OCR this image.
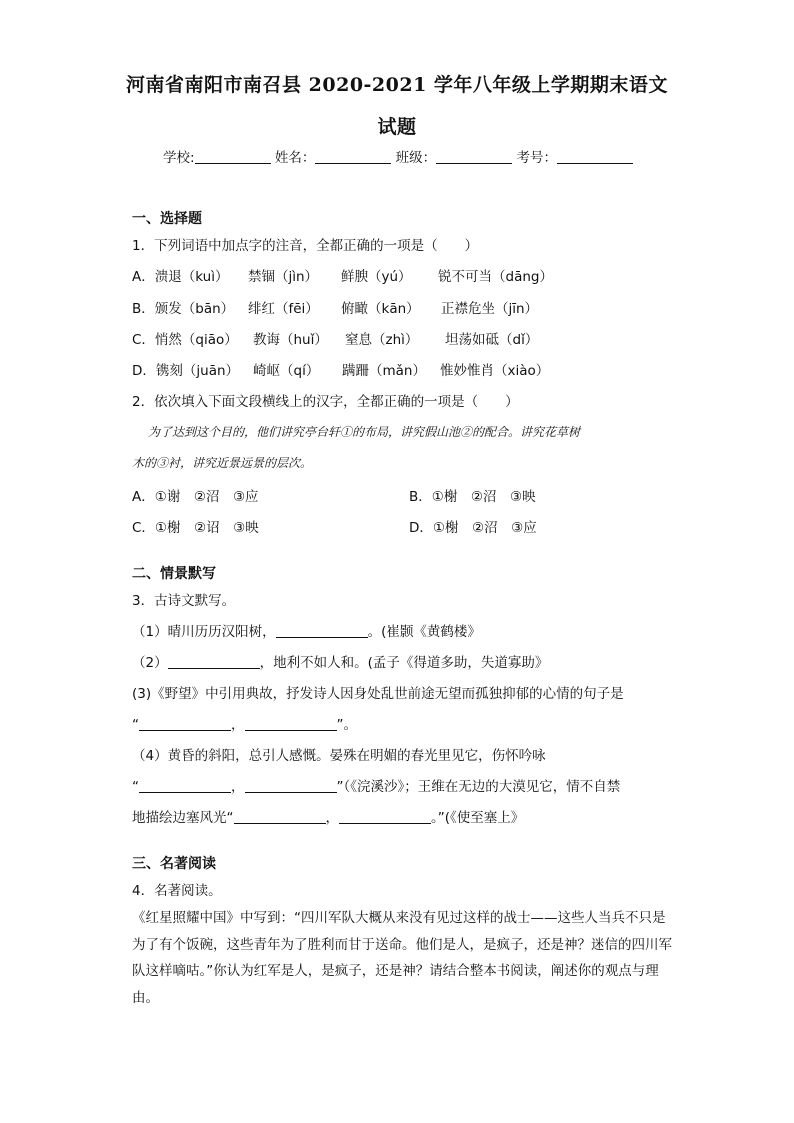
河南省南阳市南召县 2020-2021 学年八年级上学期期末语文
试题
学校:	姓名：	班级：	考号：
一、选择题
1．下列词语中加点字的注音，全都正确的一项是（　　）
A．溃退（kuì） 禁锢（jìn） 鲜腴（yú） 锐不可当（dāng）
B．颁发（bān） 绯红（fēi） 俯瞰（kān） 正襟危坐（jīn）
C．悄然（qiāo） 教诲（huǐ） 窒息（zhì） 坦荡如砥（dǐ）
D．镌刻（juān） 崎岖（qí） 蹒跚（mǎn） 惟妙惟肖（xiào）
2．依次填入下面文段横线上的汉字，全都正确的一项是（　　）
为了达到这个目的，他们讲究亭台轩①的布局，讲究假山池②的配合。讲究花草树
木的③衬，讲究近景远景的层次。
A．①谢　②沼　③应	B．①榭　②沼　③映
C．①榭　②诏　③映	D．①榭　②沼　③应
二、情景默写
3．古诗文默写。
（1）晴川历历汉阳树，	。(崔颢《黄鹤楼》
（2）	，地利不如人和。(孟子《得道多助，失道寡助》
(3)《野望》中引用典故，抒发诗人因身处乱世前途无望而孤独抑郁的心情的句子是
“	，	”。
（4）黄昏的斜阳，总引人感慨。晏殊在明媚的春光里见它，伤怀吟咏
“	，	”（《浣溪沙》；王维在无边的大漠见它，情不自禁
地描绘边塞风光“	，	。”(《使至塞上》
三、名著阅读
4．名著阅读。
《红星照耀中国》中写到：“四川军队大概从来没有见过这样的战士——这些人当兵不只是为了有个饭碗，这些青年为了胜利而甘于送命。他们是人，是疯子，还是神？迷信的四川军队这样嘀咕。”你认为红军是人，是疯子，还是神？请结合整本书阅读，阐述你的观点与理由。
